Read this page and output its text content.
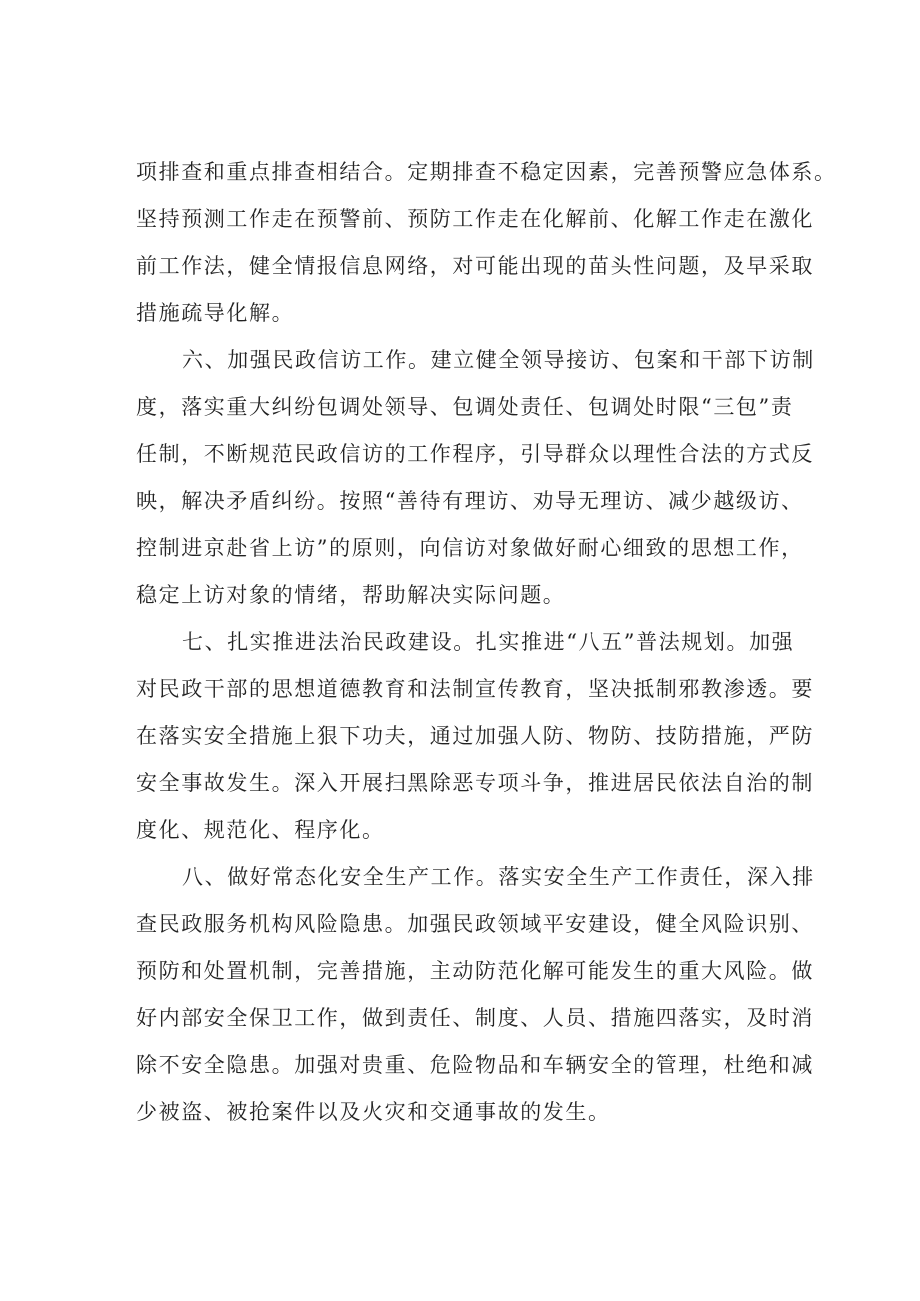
项排查和重点排查相结合。定期排查不稳定因素，完善预警应急体系。
坚持预测工作走在预警前、预防工作走在化解前、化解工作走在激化
前工作法，健全情报信息网络，对可能出现的苗头性问题，及早采取
措施疏导化解。
六、加强民政信访工作。建立健全领导接访、包案和干部下访制
度，落实重大纠纷包调处领导、包调处责任、包调处时限“三包”责
任制，不断规范民政信访的工作程序，引导群众以理性合法的方式反
映，解决矛盾纠纷。按照“善待有理访、劝导无理访、减少越级访、
控制进京赴省上访”的原则，向信访对象做好耐心细致的思想工作，
稳定上访对象的情绪，帮助解决实际问题。
七、扎实推进法治民政建设。扎实推进“八五”普法规划。加强
对民政干部的思想道德教育和法制宣传教育，坚决抵制邪教渗透。要
在落实安全措施上狠下功夫，通过加强人防、物防、技防措施，严防
安全事故发生。深入开展扫黑除恶专项斗争，推进居民依法自治的制
度化、规范化、程序化。
八、做好常态化安全生产工作。落实安全生产工作责任，深入排
查民政服务机构风险隐患。加强民政领域平安建设，健全风险识别、
预防和处置机制，完善措施，主动防范化解可能发生的重大风险。做
好内部安全保卫工作，做到责任、制度、人员、措施四落实，及时消
除不安全隐患。加强对贵重、危险物品和车辆安全的管理，杜绝和减
少被盗、被抢案件以及火灾和交通事故的发生。
